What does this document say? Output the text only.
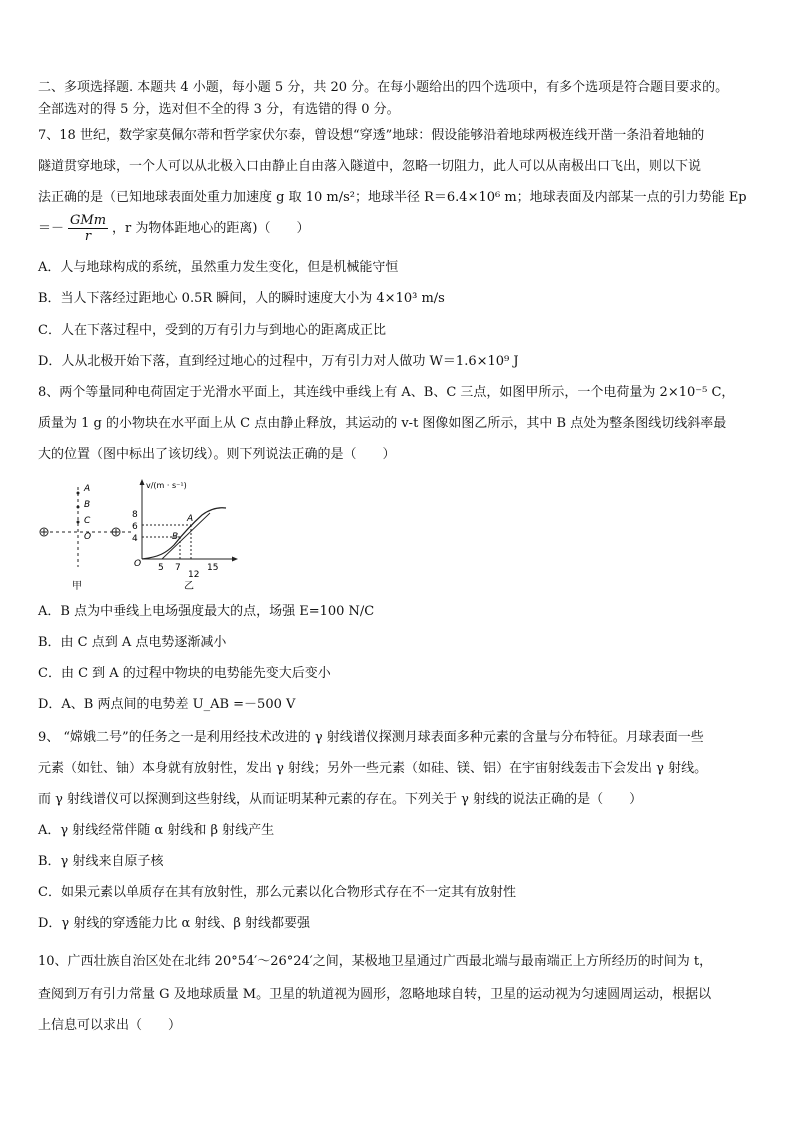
二、多项选择题. 本题共 4 小题，每小题 5 分，共 20 分。在每小题给出的四个选项中，有多个选项是符合题目要求的。
全部选对的得 5 分，选对但不全的得 3 分，有选错的得 0 分。
7、18 世纪，数学家莫佩尔蒂和哲学家伏尔泰，曾设想“穿透”地球：假设能够沿着地球两极连线开凿一条沿着地轴的
隧道贯穿地球，一个人可以从北极入口由静止自由落入隧道中，忽略一切阻力，此人可以从南极出口飞出，则以下说
法正确的是（已知地球表面处重力加速度 g 取 10 m/s²；地球半径 R＝6.4×10⁶ m；地球表面及内部某一点的引力势能 Ep
＝－ $\frac{\text{GMm}}{r}$ ，r 为物体距地心的距离)（　　）
A．人与地球构成的系统，虽然重力发生变化，但是机械能守恒
B．当人下落经过距地心 0.5R 瞬间，人的瞬时速度大小为 4×10³ m/s
C．人在下落过程中，受到的万有引力与到地心的距离成正比
D．人从北极开始下落，直到经过地心的过程中，万有引力对人做功 W＝1.6×10⁹ J
8、两个等量同种电荷固定于光滑水平面上，其连线中垂线上有 A、B、C 三点，如图甲所示，一个电荷量为 2×10⁻⁵ C，
质量为 1 g 的小物块在水平面上从 C 点由静止释放，其运动的 v-t 图像如图乙所示，其中 B 点处为整条图线切线斜率最
大的位置（图中标出了该切线）。则下列说法正确的是（　　）
A
B
C
O
甲
v/(m · s⁻¹)
8
6
4
O 5 7
12
15
A
B
乙
A．B 点为中垂线上电场强度最大的点，场强 E=100 N/C
B．由 C 点到 A 点电势逐渐减小
C．由 C 到 A 的过程中物块的电势能先变大后变小
D．A、B 两点间的电势差 U_AB =－500 V
9、 “嫦娥二号”的任务之一是利用经技术改进的 γ 射线谱仪探测月球表面多种元素的含量与分布特征。月球表面一些
元素（如钍、铀）本身就有放射性，发出 γ 射线；另外一些元素（如硅、镁、铝）在宇宙射线轰击下会发出 γ 射线。
而 γ 射线谱仪可以探测到这些射线，从而证明某种元素的存在。下列关于 γ 射线的说法正确的是（　　）
A．γ 射线经常伴随 α 射线和 β 射线产生
B．γ 射线来自原子核
C．如果元素以单质存在其有放射性，那么元素以化合物形式存在不一定其有放射性
D．γ 射线的穿透能力比 α 射线、β 射线都要强
10、广西壮族自治区处在北纬 20°54′～26°24′之间，某极地卫星通过广西最北端与最南端正上方所经历的时间为 t，
查阅到万有引力常量 G 及地球质量 M。卫星的轨道视为圆形，忽略地球自转，卫星的运动视为匀速圆周运动，根据以
上信息可以求出（　　）
